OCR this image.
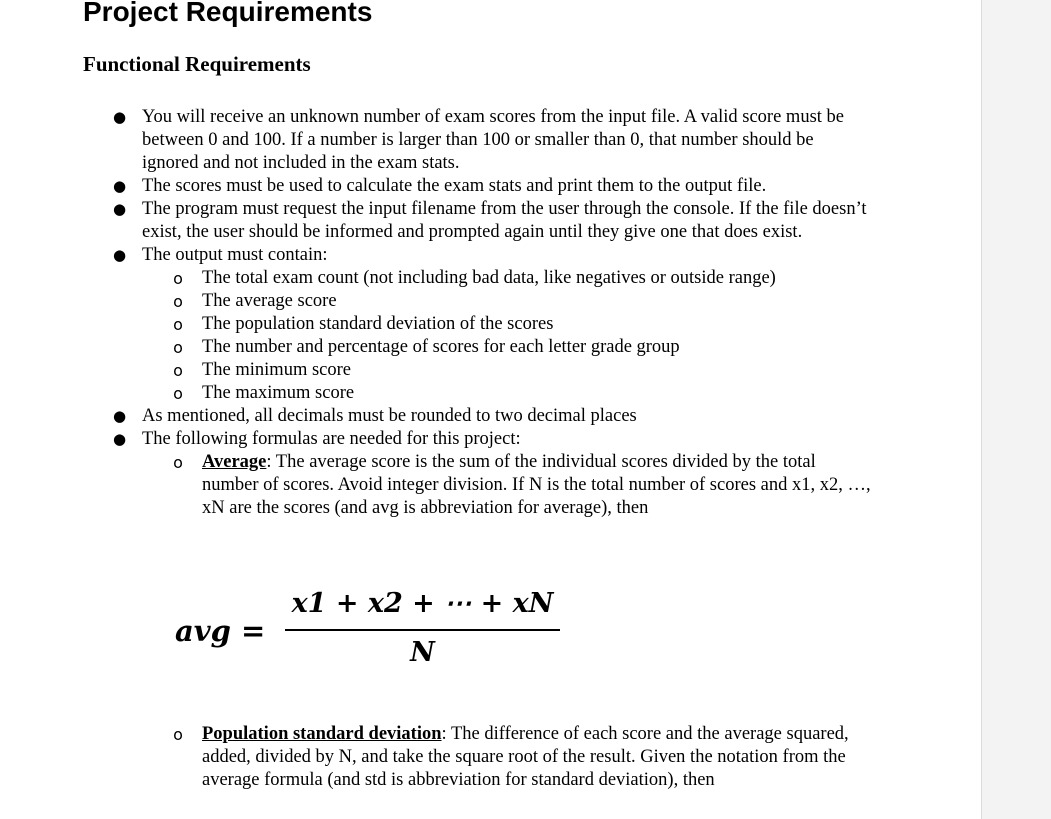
Project Requirements
Functional Requirements
● You will receive an unknown number of exam scores from the input file. A valid score must be between 0 and 100. If a number is larger than 100 or smaller than 0, that number should be ignored and not included in the exam stats.
● The scores must be used to calculate the exam stats and print them to the output file.
● The program must request the input filename from the user through the console. If the file doesn’t exist, the user should be informed and prompted again until they give one that does exist.
● The output must contain:
o The total exam count (not including bad data, like negatives or outside range)
o The average score
o The population standard deviation of the scores
o The number and percentage of scores for each letter grade group
o The minimum score
o The maximum score
● As mentioned, all decimals must be rounded to two decimal places
● The following formulas are needed for this project:
o Average: The average score is the sum of the individual scores divided by the total number of scores. Avoid integer division. If N is the total number of scores and x1, x2, …, xN are the scores (and avg is abbreviation for average), then
avg =
x1 + x2 + ⋯ + xN
N
o Population standard deviation: The difference of each score and the average squared, added, divided by N, and take the square root of the result. Given the notation from the average formula (and std is abbreviation for standard deviation), then
